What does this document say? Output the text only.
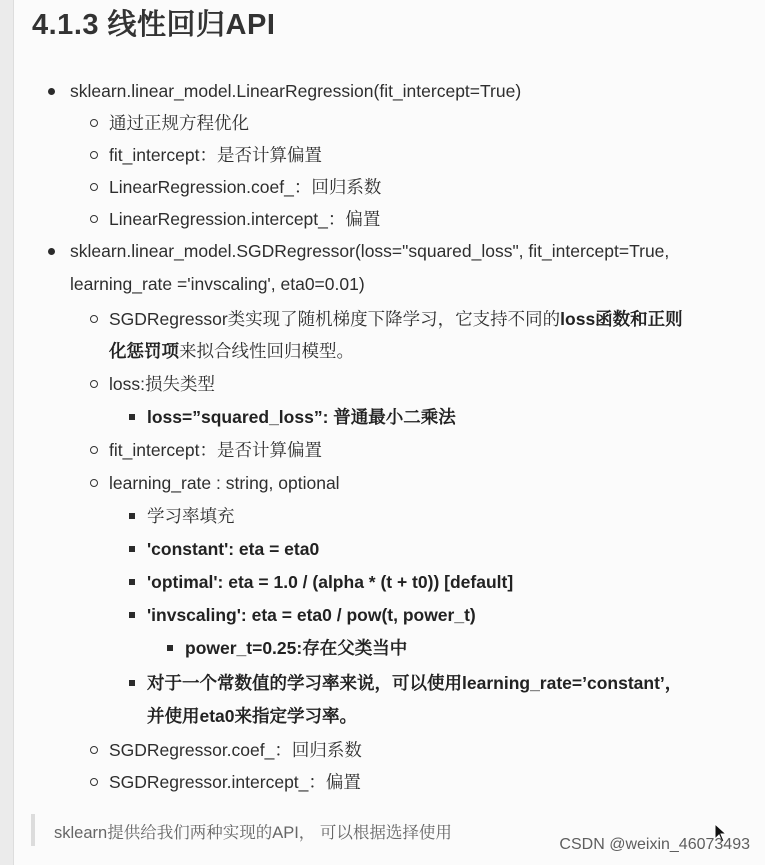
4.1.3 线性回归API
sklearn.linear_model.LinearRegression(fit_intercept=True)
通过正规方程优化
fit_intercept：是否计算偏置
LinearRegression.coef_：回归系数
LinearRegression.intercept_：偏置
sklearn.linear_model.SGDRegressor(loss="squared_loss", fit_intercept=True,
learning_rate ='invscaling', eta0=0.01)
SGDRegressor类实现了随机梯度下降学习，它支持不同的loss函数和正则
化惩罚项来拟合线性回归模型。
loss:损失类型
loss=”squared_loss”: 普通最小二乘法
fit_intercept：是否计算偏置
learning_rate : string, optional
学习率填充
'constant': eta = eta0
'optimal': eta = 1.0 / (alpha * (t + t0)) [default]
'invscaling': eta = eta0 / pow(t, power_t)
power_t=0.25:存在父类当中
对于一个常数值的学习率来说，可以使用learning_rate=’constant’，
并使用eta0来指定学习率。
SGDRegressor.coef_：回归系数
SGDRegressor.intercept_：偏置
sklearn提供给我们两种实现的API， 可以根据选择使用
CSDN @weixin_46073493
